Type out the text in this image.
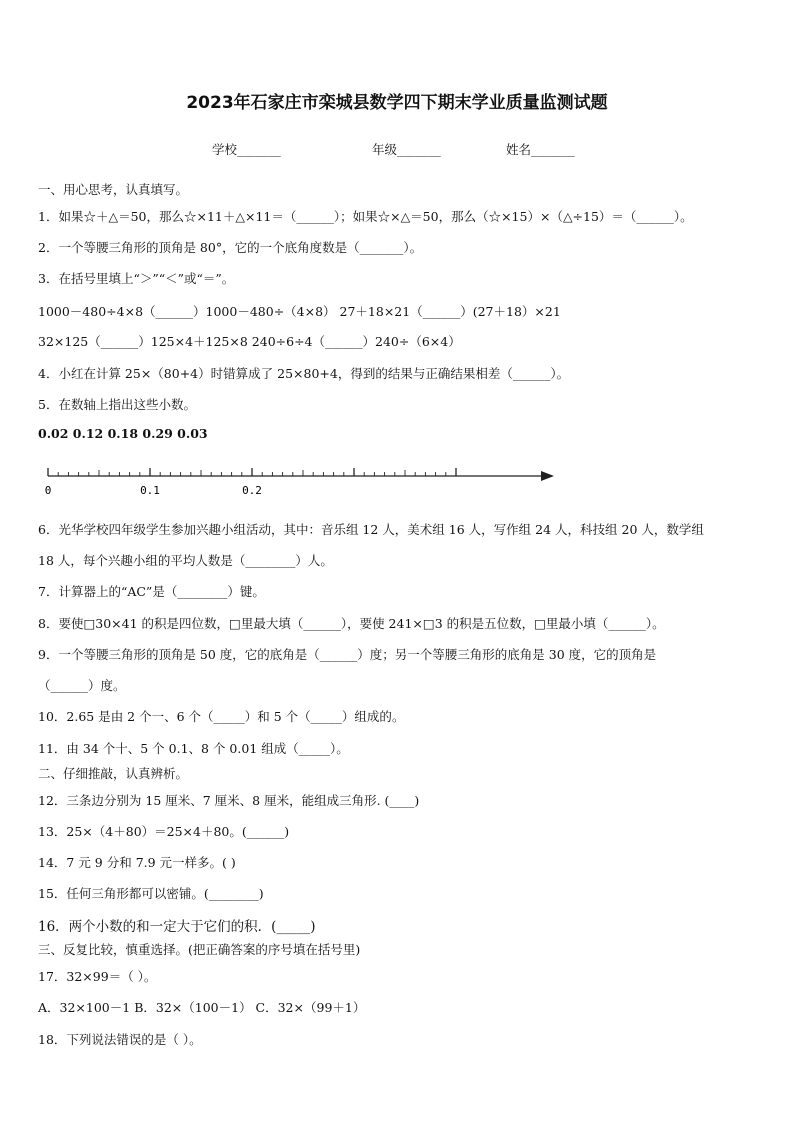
2023年石家庄市栾城县数学四下期末学业质量监测试题
学校_______	年级_______	姓名_______
一、用心思考，认真填写。
1．如果☆＋△＝50，那么☆×11＋△×11＝（______）；如果☆×△＝50，那么（☆×15）×（△÷15）＝（______）。
2．一个等腰三角形的顶角是 80°，它的一个底角度数是（_______）。
3．在括号里填上“＞”“＜”或“＝”。
1000－480÷4×8（______）1000－480÷（4×8） 27＋18×21（______）(27＋18）×21
32×125（______）125×4＋125×8 240÷6÷4（______）240÷（6×4）
4．小红在计算 25×（80+4）时错算成了 25×80+4，得到的结果与正确结果相差（______）。
5．在数轴上指出这些小数。
0.02 0.12 0.18 0.29 0.03
0	0.1	0.2
6．光华学校四年级学生参加兴趣小组活动，其中：音乐组 12 人，美术组 16 人，写作组 24 人，科技组 20 人，数学组
18 人，每个兴趣小组的平均人数是（________）人。
7．计算器上的“AC”是（________）键。
8．要使□30×41 的积是四位数，□里最大填（______），要使 241×□3 的积是五位数，□里最小填（______）。
9．一个等腰三角形的顶角是 50 度，它的底角是（______）度；另一个等腰三角形的底角是 30 度，它的顶角是
（______）度。
10．2.65 是由 2 个一、6 个（_____）和 5 个（_____）组成的。
11．由 34 个十、5 个 0.1、8 个 0.01 组成（_____）。
二、仔细推敲，认真辨析。
12．三条边分别为 15 厘米、7 厘米、8 厘米，能组成三角形. (____)
13．25×（4＋80）＝25×4＋80。(______)
14．7 元 9 分和 7.9 元一样多。( )
15．任何三角形都可以密铺。(________)
16．两个小数的和一定大于它们的积．(_____)
三、反复比较，慎重选择。(把正确答案的序号填在括号里)
17．32×99＝（ ）。
A．32×100－1 B．32×（100－1） C．32×（99＋1）
18．下列说法错误的是（ ）。
